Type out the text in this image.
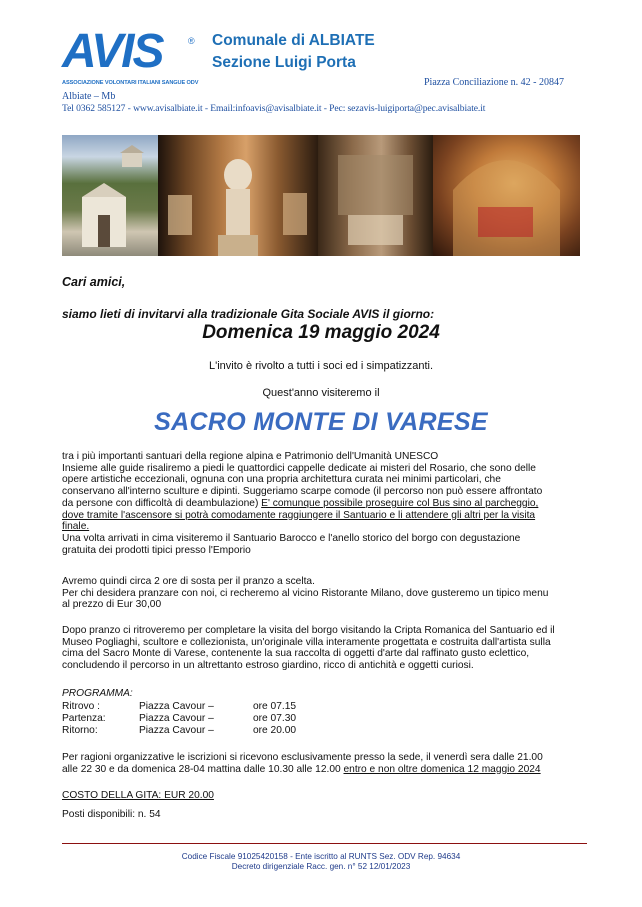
AVIS	®
ASSOCIAZIONE VOLONTARI ITALIANI SANGUE ODV
Comunale di ALBIATE
Sezione Luigi Porta
Piazza Conciliazione n. 42 - 20847
Albiate – Mb
Tel 0362 585127 - www.avisalbiate.it - Email:infoavis@avisalbiate.it - Pec: sezavis-luigiporta@pec.avisalbiate.it
Cari amici,
siamo lieti di invitarvi alla tradizionale Gita Sociale AVIS il giorno:
Domenica 19 maggio 2024
L'invito è rivolto a tutti i soci ed i simpatizzanti.
Quest'anno visiteremo il
SACRO MONTE DI VARESE
tra i più importanti santuari della regione alpina e Patrimonio dell'Umanità UNESCO
Insieme alle guide risaliremo a piedi le quattordici cappelle dedicate ai misteri del Rosario, che sono delle
opere artistiche eccezionali, ognuna con una propria architettura curata nei minimi particolari, che
conservano all'interno sculture e dipinti. Suggeriamo scarpe comode (il percorso non può essere affrontato
da persone con difficoltà di deambulazione) E' comunque possibile proseguire col Bus sino al parcheggio,
dove tramite l'ascensore si potrà comodamente raggiungere il Santuario e li attendere gli altri per la visita
finale.
Una volta arrivati in cima visiteremo il Santuario Barocco e l'anello storico del borgo con degustazione
gratuita dei prodotti tipici presso l'Emporio
Avremo quindi circa 2 ore di sosta per il pranzo a scelta.
Per chi desidera pranzare con noi, ci recheremo al vicino Ristorante Milano, dove gusteremo un tipico menu
al prezzo di Eur 30,00
Dopo pranzo ci ritroveremo per completare la visita del borgo visitando la Cripta Romanica del Santuario ed il
Museo Pogliaghi, scultore e collezionista, un'originale villa interamente progettata e costruita dall'artista sulla
cima del Sacro Monte di Varese, contenente la sua raccolta di oggetti d'arte dal raffinato gusto eclettico,
concludendo il percorso in un altrettanto estroso giardino, ricco di antichità e oggetti curiosi.
PROGRAMMA:
Ritrovo :	Piazza Cavour –	ore 07.15
Partenza:	Piazza Cavour –	ore 07.30
Ritorno:	Piazza Cavour –	ore 20.00
Per ragioni organizzative le iscrizioni si ricevono esclusivamente presso la sede, il venerdì sera dalle 21.00
alle 22 30 e da domenica 28-04 mattina dalle 10.30 alle 12.00 entro e non oltre domenica 12 maggio 2024
COSTO DELLA GITA: EUR 20.00
Posti disponibili: n. 54
Codice Fiscale 91025420158 - Ente iscritto al RUNTS Sez. ODV Rep. 94634
Decreto dirigenziale Racc. gen. n° 52 12/01/2023
